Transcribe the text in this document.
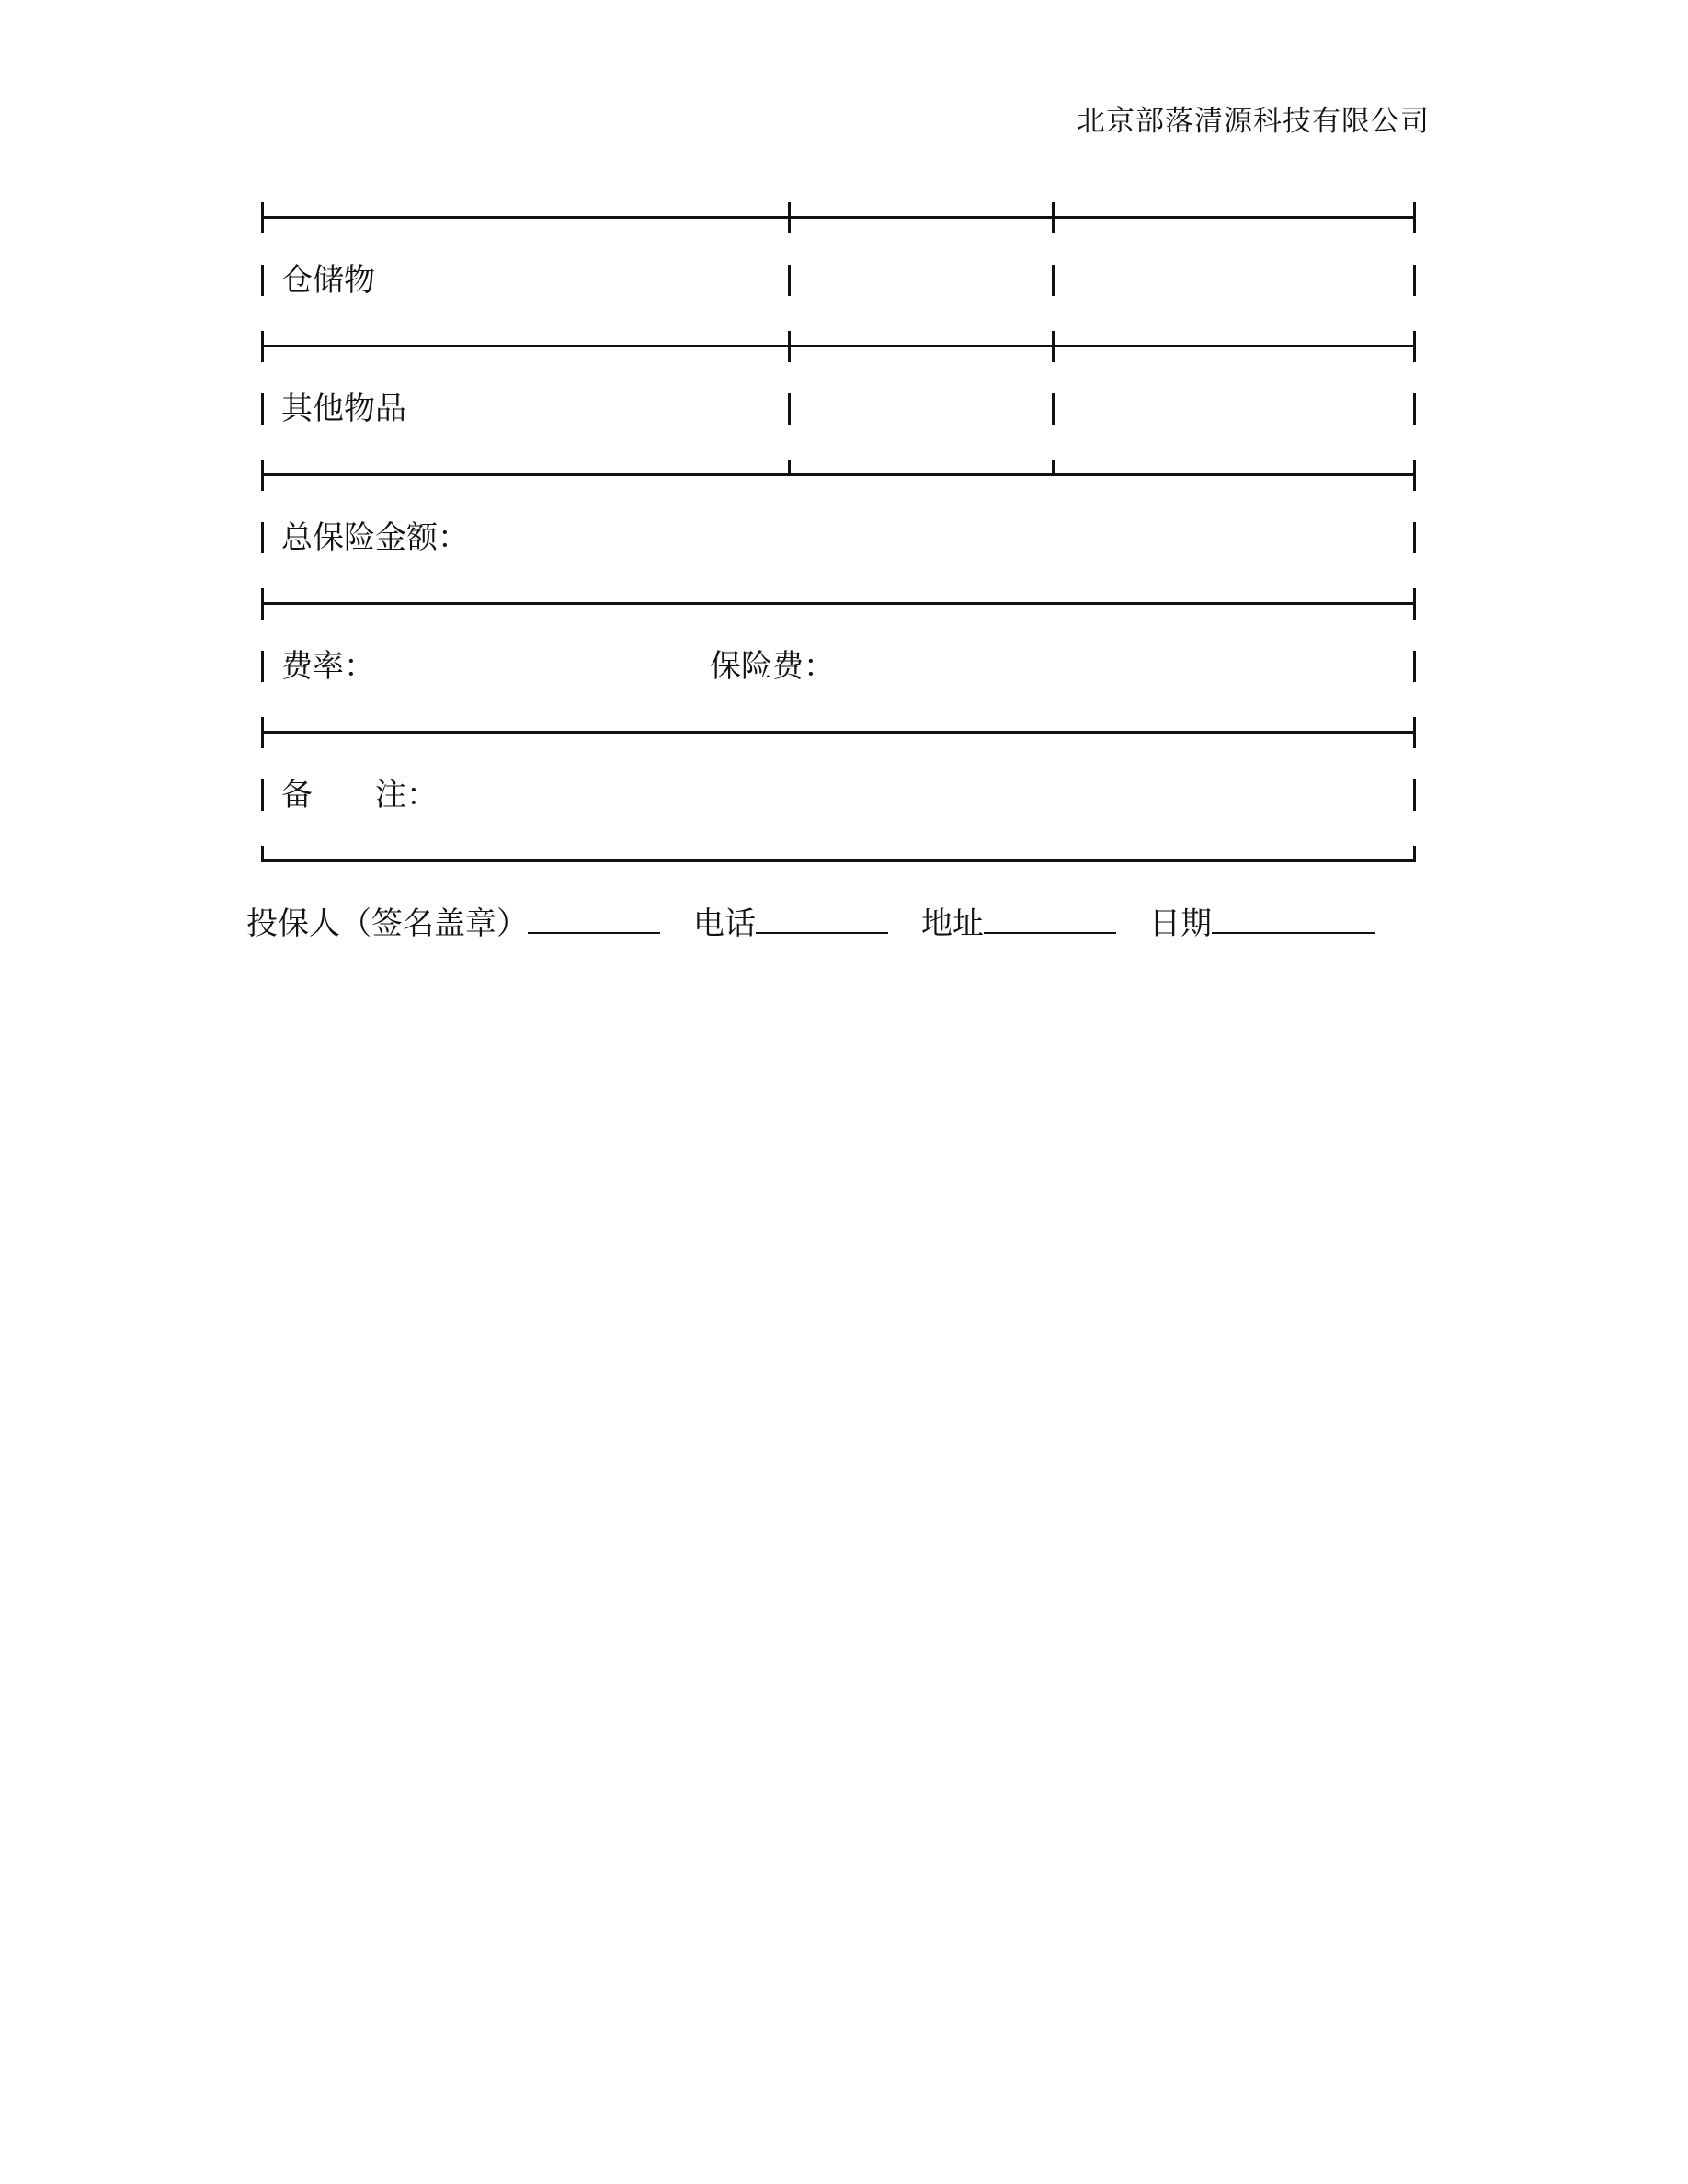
北京部落清源科技有限公司
仓储物
其他物品
总保险金额：
费率：	保险费：
备　　注：
投保人（签名盖章）	电话	地址	日期
